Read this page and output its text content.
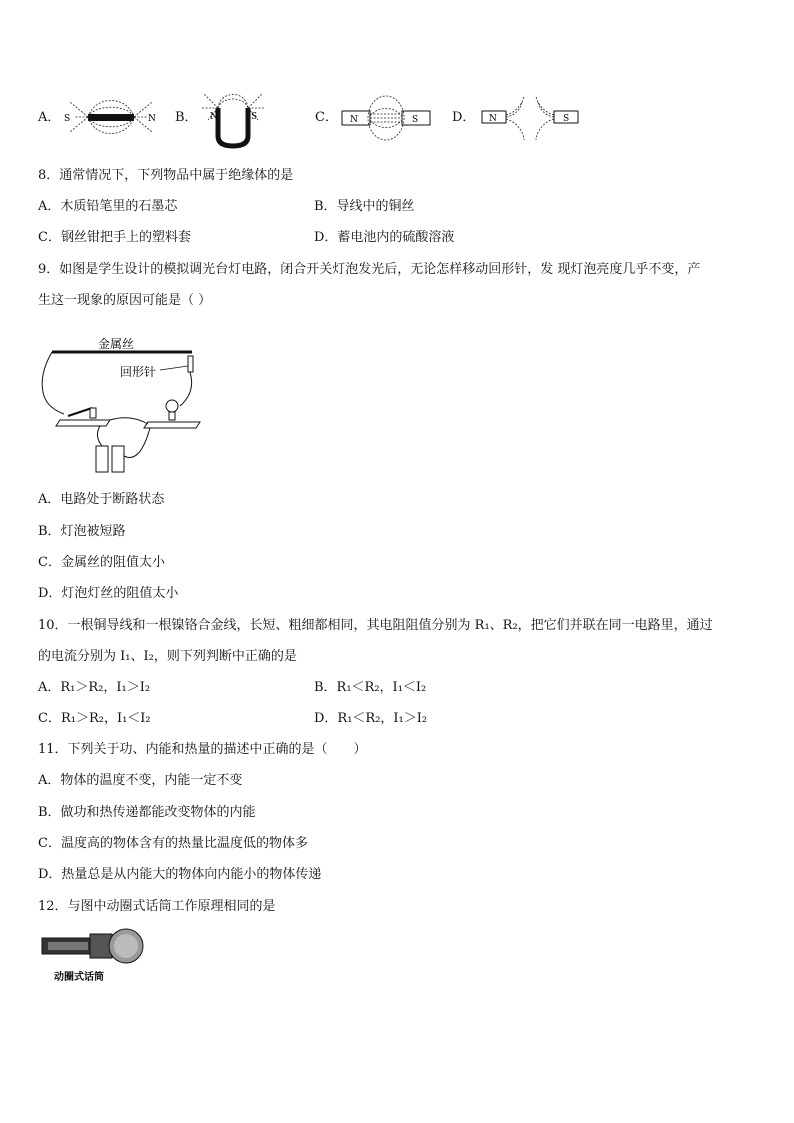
A． S	N B． N	S	C． N	S	D． N	S
8．通常情况下，下列物品中属于绝缘体的是
A．木质铅笔里的石墨芯	B．导线中的铜丝
C．钢丝钳把手上的塑料套	D．蓄电池内的硫酸溶液
9．如图是学生设计的模拟调光台灯电路，闭合开关灯泡发光后，无论怎样移动回形针，发 现灯泡亮度几乎不变，产
生这一现象的原因可能是（ ）
金属丝
回形针
A．电路处于断路状态
B．灯泡被短路
C．金属丝的阻值太小
D．灯泡灯丝的阻值太小
10．一根铜导线和一根镍铬合金线，长短、粗细都相同，其电阻阻值分别为 R₁、R₂，把它们并联在同一电路里，通过
的电流分别为 I₁、I₂，则下列判断中正确的是
A．R₁＞R₂，I₁＞I₂	B．R₁＜R₂，I₁＜I₂
C．R₁＞R₂，I₁＜I₂	D．R₁＜R₂，I₁＞I₂
11．下列关于功、内能和热量的描述中正确的是（　　）
A．物体的温度不变，内能一定不变
B．做功和热传递都能改变物体的内能
C．温度高的物体含有的热量比温度低的物体多
D．热量总是从内能大的物体向内能小的物体传递
12．与图中动圈式话筒工作原理相同的是
动圈式话筒
